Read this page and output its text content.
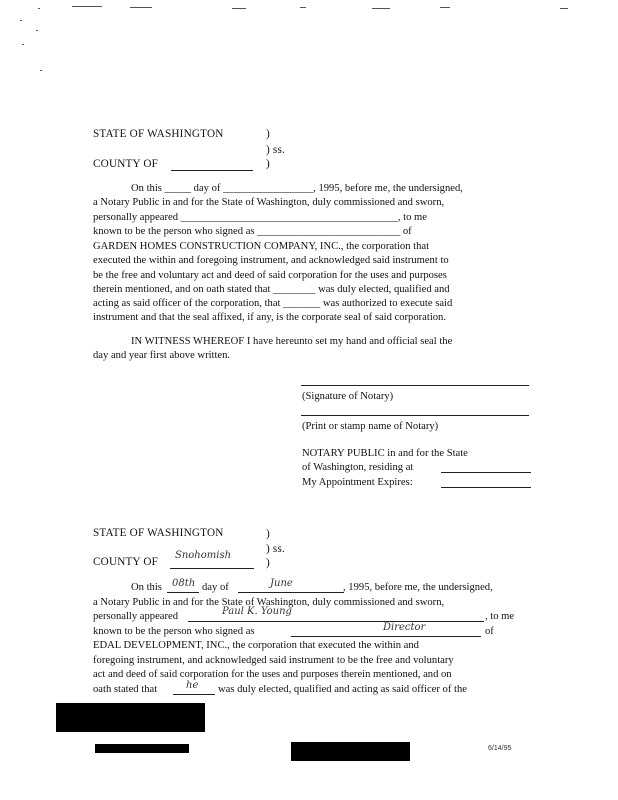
STATE OF WASHINGTON	)
) ss.
COUNTY OF	)
On this _____ day of _________________, 1995, before me, the undersigned,
a Notary Public in and for the State of Washington, duly commissioned and sworn,
personally appeared _________________________________________, to me
known to be the person who signed as ___________________________ of
GARDEN HOMES CONSTRUCTION COMPANY, INC., the corporation that
executed the within and foregoing instrument, and acknowledged said instrument to
be the free and voluntary act and deed of said corporation for the uses and purposes
therein mentioned, and on oath stated that ________ was duly elected, qualified and
acting as said officer of the corporation, that _______ was authorized to execute said
instrument and that the seal affixed, if any, is the corporate seal of said corporation.
IN WITNESS WHEREOF I have hereunto set my hand and official seal the
day and year first above written.
(Signature of Notary)
(Print or stamp name of Notary)
NOTARY PUBLIC in and for the State
of Washington, residing at
My Appointment Expires:
STATE OF WASHINGTON	)
) ss.
COUNTY OF
Snohomish
)
On this 08th day of	June	, 1995, before me, the undersigned,
a Notary Public in and for the State of Washington, duly commissioned and sworn,
personally appeared	Paul K. Young	, to me
known to be the person who signed as	Director	of
EDAL DEVELOPMENT, INC., the corporation that executed the within and
foregoing instrument, and acknowledged said instrument to be the free and voluntary
act and deed of said corporation for the uses and purposes therein mentioned, and on
oath stated that	he was duly elected, qualified and acting as said officer of the
6/14/95
